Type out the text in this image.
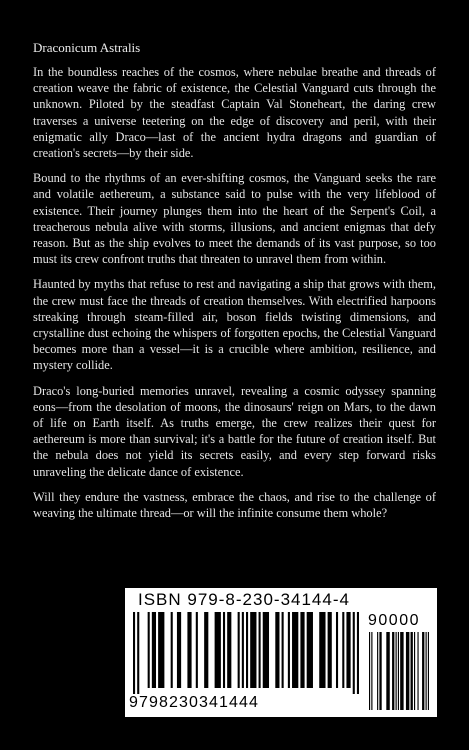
Draconicum Astralis

In the boundless reaches of the cosmos, where nebulae breathe and threads of creation weave the fabric of existence, the Celestial Vanguard cuts through the unknown. Piloted by the steadfast Captain Val Stoneheart, the daring crew traverses a universe teetering on the edge of discovery and peril, with their enigmatic ally Draco—last of the ancient hydra dragons and guardian of creation's secrets—by their side.

Bound to the rhythms of an ever-shifting cosmos, the Vanguard seeks the rare and volatile aethereum, a substance said to pulse with the very lifeblood of existence. Their journey plunges them into the heart of the Serpent's Coil, a treacherous nebula alive with storms, illusions, and ancient enigmas that defy reason. But as the ship evolves to meet the demands of its vast purpose, so too must its crew confront truths that threaten to unravel them from within.

Haunted by myths that refuse to rest and navigating a ship that grows with them, the crew must face the threads of creation themselves. With electrified harpoons streaking through steam-filled air, boson fields twisting dimensions, and crystalline dust echoing the whispers of forgotten epochs, the Celestial Vanguard becomes more than a vessel—it is a crucible where ambition, resilience, and mystery collide.

Draco's long-buried memories unravel, revealing a cosmic odyssey spanning eons—from the desolation of moons, the dinosaurs' reign on Mars, to the dawn of life on Earth itself. As truths emerge, the crew realizes their quest for aethereum is more than survival; it's a battle for the future of creation itself. But the nebula does not yield its secrets easily, and every step forward risks unraveling the delicate dance of existence.

Will they endure the vastness, embrace the chaos, and rise to the challenge of weaving the ultimate thread—or will the infinite consume them whole?

ISBN 979-8-230-34144-4
9798230341444
90000
